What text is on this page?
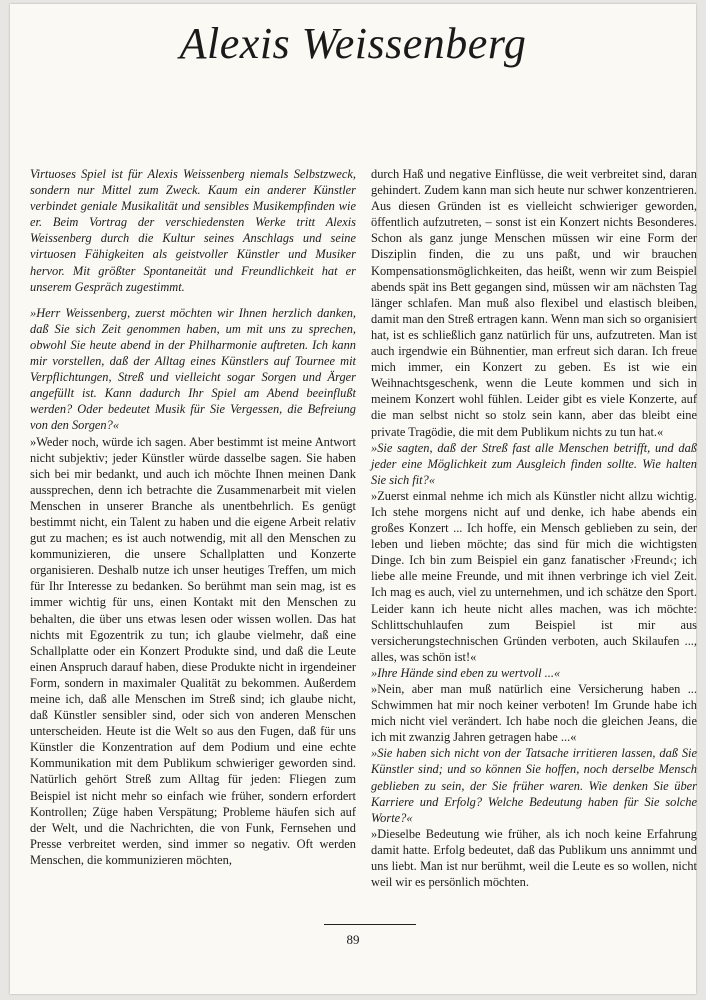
Alexis Weissenberg

Virtuoses Spiel ist für Alexis Weissenberg niemals Selbstzweck, sondern nur Mittel zum Zweck. Kaum ein anderer Künstler verbindet geniale Musikalität und sensibles Musikempfinden wie er. Beim Vortrag der verschiedensten Werke tritt Alexis Weissenberg durch die Kultur seines Anschlags und seine virtuosen Fähigkeiten als geistvoller Künstler und Musiker hervor. Mit größter Spontaneität und Freundlichkeit hat er unserem Gespräch zugestimmt.

»Herr Weissenberg, zuerst möchten wir Ihnen herzlich danken, daß Sie sich Zeit genommen haben, um mit uns zu sprechen, obwohl Sie heute abend in der Philharmonie auftreten. Ich kann mir vorstellen, daß der Alltag eines Künstlers auf Tournee mit Verpflichtungen, Streß und vielleicht sogar Sorgen und Ärger angefüllt ist. Kann dadurch Ihr Spiel am Abend beeinflußt werden? Oder bedeutet Musik für Sie Vergessen, die Befreiung von den Sorgen?«

»Weder noch, würde ich sagen. Aber bestimmt ist meine Antwort nicht subjektiv; jeder Künstler würde dasselbe sagen. Sie haben sich bei mir bedankt, und auch ich möchte Ihnen meinen Dank aussprechen, denn ich betrachte die Zusammenarbeit mit vielen Menschen in unserer Branche als unentbehrlich. Es genügt bestimmt nicht, ein Talent zu haben und die eigene Arbeit relativ gut zu machen; es ist auch notwendig, mit all den Menschen zu kommunizieren, die unsere Schallplatten und Konzerte organisieren. Deshalb nutze ich unser heutiges Treffen, um mich für Ihr Interesse zu bedanken. So berühmt man sein mag, ist es immer wichtig für uns, einen Kontakt mit den Menschen zu behalten, die über uns etwas lesen oder wissen wollen. Das hat nichts mit Egozentrik zu tun; ich glaube vielmehr, daß eine Schallplatte oder ein Konzert Produkte sind, und daß die Leute einen Anspruch darauf haben, diese Produkte nicht in irgendeiner Form, sondern in maximaler Qualität zu bekommen. Außerdem meine ich, daß alle Menschen im Streß sind; ich glaube nicht, daß Künstler sensibler sind, oder sich von anderen Menschen unterscheiden. Heute ist die Welt so aus den Fugen, daß für uns Künstler die Konzentration auf dem Podium und eine echte Kommunikation mit dem Publikum schwieriger geworden sind. Natürlich gehört Streß zum Alltag für jeden: Fliegen zum Beispiel ist nicht mehr so einfach wie früher, sondern erfordert Kontrollen; Züge haben Verspätung; Probleme häufen sich auf der Welt, und die Nachrichten, die von Funk, Fernsehen und Presse verbreitet werden, sind immer so negativ. Oft werden Menschen, die kommunizieren möchten,

durch Haß und negative Einflüsse, die weit verbreitet sind, daran gehindert. Zudem kann man sich heute nur schwer konzentrieren. Aus diesen Gründen ist es vielleicht schwieriger geworden, öffentlich aufzutreten, – sonst ist ein Konzert nichts Besonderes. Schon als ganz junge Menschen müssen wir eine Form der Disziplin finden, die zu uns paßt, und wir brauchen Kompensationsmöglichkeiten, das heißt, wenn wir zum Beispiel abends spät ins Bett gegangen sind, müssen wir am nächsten Tag länger schlafen. Man muß also flexibel und elastisch bleiben, damit man den Streß ertragen kann. Wenn man sich so organisiert hat, ist es schließlich ganz natürlich für uns, aufzutreten. Man ist auch irgendwie ein Bühnentier, man erfreut sich daran. Ich freue mich immer, ein Konzert zu geben. Es ist wie ein Weihnachtsgeschenk, wenn die Leute kommen und sich in meinem Konzert wohl fühlen. Leider gibt es viele Konzerte, auf die man selbst nicht so stolz sein kann, aber das bleibt eine private Tragödie, die mit dem Publikum nichts zu tun hat.«

»Sie sagten, daß der Streß fast alle Menschen betrifft, und daß jeder eine Möglichkeit zum Ausgleich finden sollte. Wie halten Sie sich fit?«

»Zuerst einmal nehme ich mich als Künstler nicht allzu wichtig. Ich stehe morgens nicht auf und denke, ich habe abends ein großes Konzert ... Ich hoffe, ein Mensch geblieben zu sein, der leben und lieben möchte; das sind für mich die wichtigsten Dinge. Ich bin zum Beispiel ein ganz fanatischer ›Freund‹; ich liebe alle meine Freunde, und mit ihnen verbringe ich viel Zeit. Ich mag es auch, viel zu unternehmen, und ich schätze den Sport. Leider kann ich heute nicht alles machen, was ich möchte: Schlittschuhlaufen zum Beispiel ist mir aus versicherungstechnischen Gründen verboten, auch Skilaufen ..., alles, was schön ist!«

»Ihre Hände sind eben zu wertvoll ...«

»Nein, aber man muß natürlich eine Versicherung haben ... Schwimmen hat mir noch keiner verboten! Im Grunde habe ich mich nicht viel verändert. Ich habe noch die gleichen Jeans, die ich mit zwanzig Jahren getragen habe ...«

»Sie haben sich nicht von der Tatsache irritieren lassen, daß Sie Künstler sind; und so können Sie hoffen, noch derselbe Mensch geblieben zu sein, der Sie früher waren. Wie denken Sie über Karriere und Erfolg? Welche Bedeutung haben für Sie solche Worte?«

»Dieselbe Bedeutung wie früher, als ich noch keine Erfahrung damit hatte. Erfolg bedeutet, daß das Publikum uns annimmt und uns liebt. Man ist nur berühmt, weil die Leute es so wollen, nicht weil wir es persönlich möchten.

89
